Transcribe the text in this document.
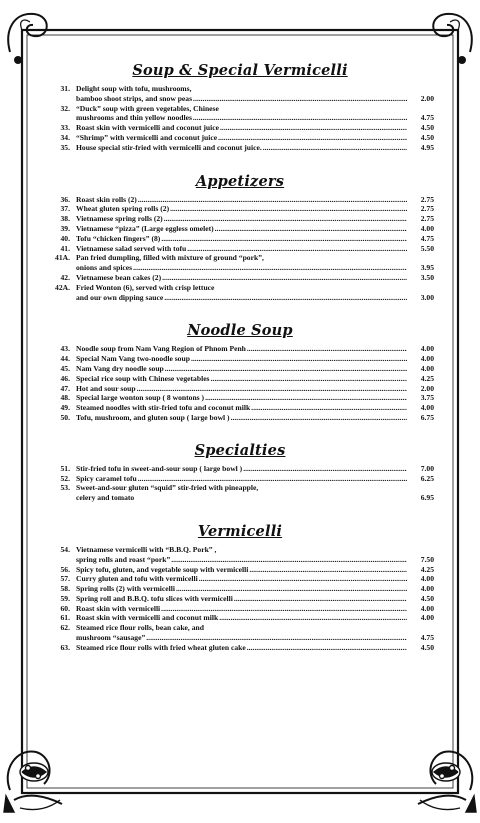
Soup & Special Vermicelli
31. Delight soup with tofu, mushrooms,
bamboo shoot strips, and snow peas .....	2.00
32. “Duck” soup with green vegetables, Chinese
mushrooms and thin yellow noodles .....	4.75
33. Roast skin with vermicelli and coconut juice .....	4.50
34. “Shrimp” with vermicelli and coconut juice .....	4.50
35. House special stir-fried with vermicelli and coconut juice. .....	4.95
Appetizers
36. Roast skin rolls (2) .....	2.75
37. Wheat gluten spring rolls (2) .....	2.75
38. Vietnamese spring rolls (2) .....	2.75
39. Vietnamese “pizza” (Large eggless omelet) .....	4.00
40. Tofu “chicken fingers” (8) .....	4.75
41. Vietnamese salad served with tofu .....	5.50
41A. Pan fried dumpling, filled with mixture of ground “pork”,
onions and spices .....	3.95
42. Vietnamese bean cakes (2) .....	3.50
42A. Fried Wonton (6), served with crisp lettuce
and our own dipping sauce .....	3.00
Noodle Soup
43. Noodle soup from Nam Vang Region of Phnom Penh .....	4.00
44. Special Nam Vang two-noodle soup .....	4.00
45. Nam Vang dry noodle soup .....	4.00
46. Special rice soup with Chinese vegetables .....	4.25
47. Hot and sour soup .....	2.00
48. Special large wonton soup ( 8 wontons ) .....	3.75
49. Steamed noodles with stir-fried tofu and coconut milk .....	4.00
50. Tofu, mushroom, and gluten soup ( large bowl ) .....	6.75
Specialties
51. Stir-fried tofu in sweet-and-sour soup ( large bowl ) .....	7.00
52. Spicy caramel tofu .....	6.25
53. Sweet-and-sour gluten “squid” stir-fried with pineapple,
celery and tomato	6.95
Vermicelli
54. Vietnamese vermicelli with “B.B.Q. Pork” ,
spring rolls and roast “pork” .....	7.50
56. Spicy tofu, gluten, and vegetable soup with vermicelli .....	4.25
57. Curry gluten and tofu with vermicelli .....	4.00
58. Spring rolls (2) with vermicelli .....	4.00
59. Spring roll and B.B.Q. tofu slices with vermicelli .....	4.50
60. Roast skin with vermicelli .....	4.00
61. Roast skin with vermicelli and coconut milk .....	4.00
62. Steamed rice flour rolls, bean cake, and
mushroom “sausage” .....	4.75
63. Steamed rice flour rolls with fried wheat gluten cake .....	4.50
